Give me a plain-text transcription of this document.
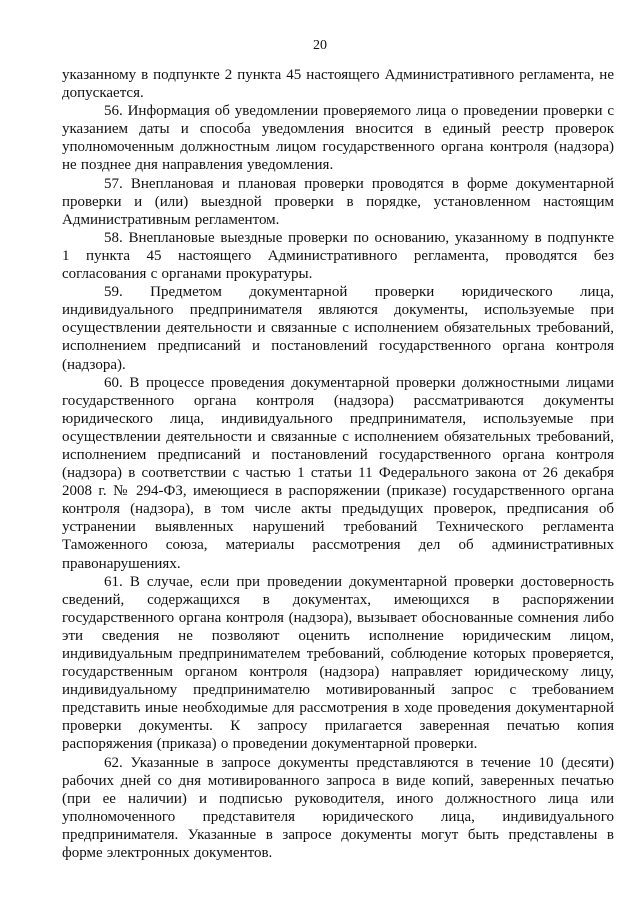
20

указанному в подпункте 2 пункта 45 настоящего Административного регламента, не допускается.

56. Информация об уведомлении проверяемого лица о проведении проверки с указанием даты и способа уведомления вносится в единый реестр проверок уполномоченным должностным лицом государственного органа контроля (надзора) не позднее дня направления уведомления.

57. Внеплановая и плановая проверки проводятся в форме документарной проверки и (или) выездной проверки в порядке, установленном настоящим Административным регламентом.

58. Внеплановые выездные проверки по основанию, указанному в подпункте 1 пункта 45 настоящего Административного регламента, проводятся без согласования с органами прокуратуры.

59. Предметом документарной проверки юридического лица, индивидуального предпринимателя являются документы, используемые при осуществлении деятельности и связанные с исполнением обязательных требований, исполнением предписаний и постановлений государственного органа контроля (надзора).

60. В процессе проведения документарной проверки должностными лицами государственного органа контроля (надзора) рассматриваются документы юридического лица, индивидуального предпринимателя, используемые при осуществлении деятельности и связанные с исполнением обязательных требований, исполнением предписаний и постановлений государственного органа контроля (надзора) в соответствии с частью 1 статьи 11 Федерального закона от 26 декабря 2008 г. № 294-ФЗ, имеющиеся в распоряжении (приказе) государственного органа контроля (надзора), в том числе акты предыдущих проверок, предписания об устранении выявленных нарушений требований Технического регламента Таможенного союза, материалы рассмотрения дел об административных правонарушениях.

61. В случае, если при проведении документарной проверки достоверность сведений, содержащихся в документах, имеющихся в распоряжении государственного органа контроля (надзора), вызывает обоснованные сомнения либо эти сведения не позволяют оценить исполнение юридическим лицом, индивидуальным предпринимателем требований, соблюдение которых проверяется, государственным органом контроля (надзора) направляет юридическому лицу, индивидуальному предпринимателю мотивированный запрос с требованием представить иные необходимые для рассмотрения в ходе проведения документарной проверки документы. К запросу прилагается заверенная печатью копия распоряжения (приказа) о проведении документарной проверки.

62. Указанные в запросе документы представляются в течение 10 (десяти) рабочих дней со дня мотивированного запроса в виде копий, заверенных печатью (при ее наличии) и подписью руководителя, иного должностного лица или уполномоченного представителя юридического лица, индивидуального предпринимателя. Указанные в запросе документы могут быть представлены в форме электронных документов.
